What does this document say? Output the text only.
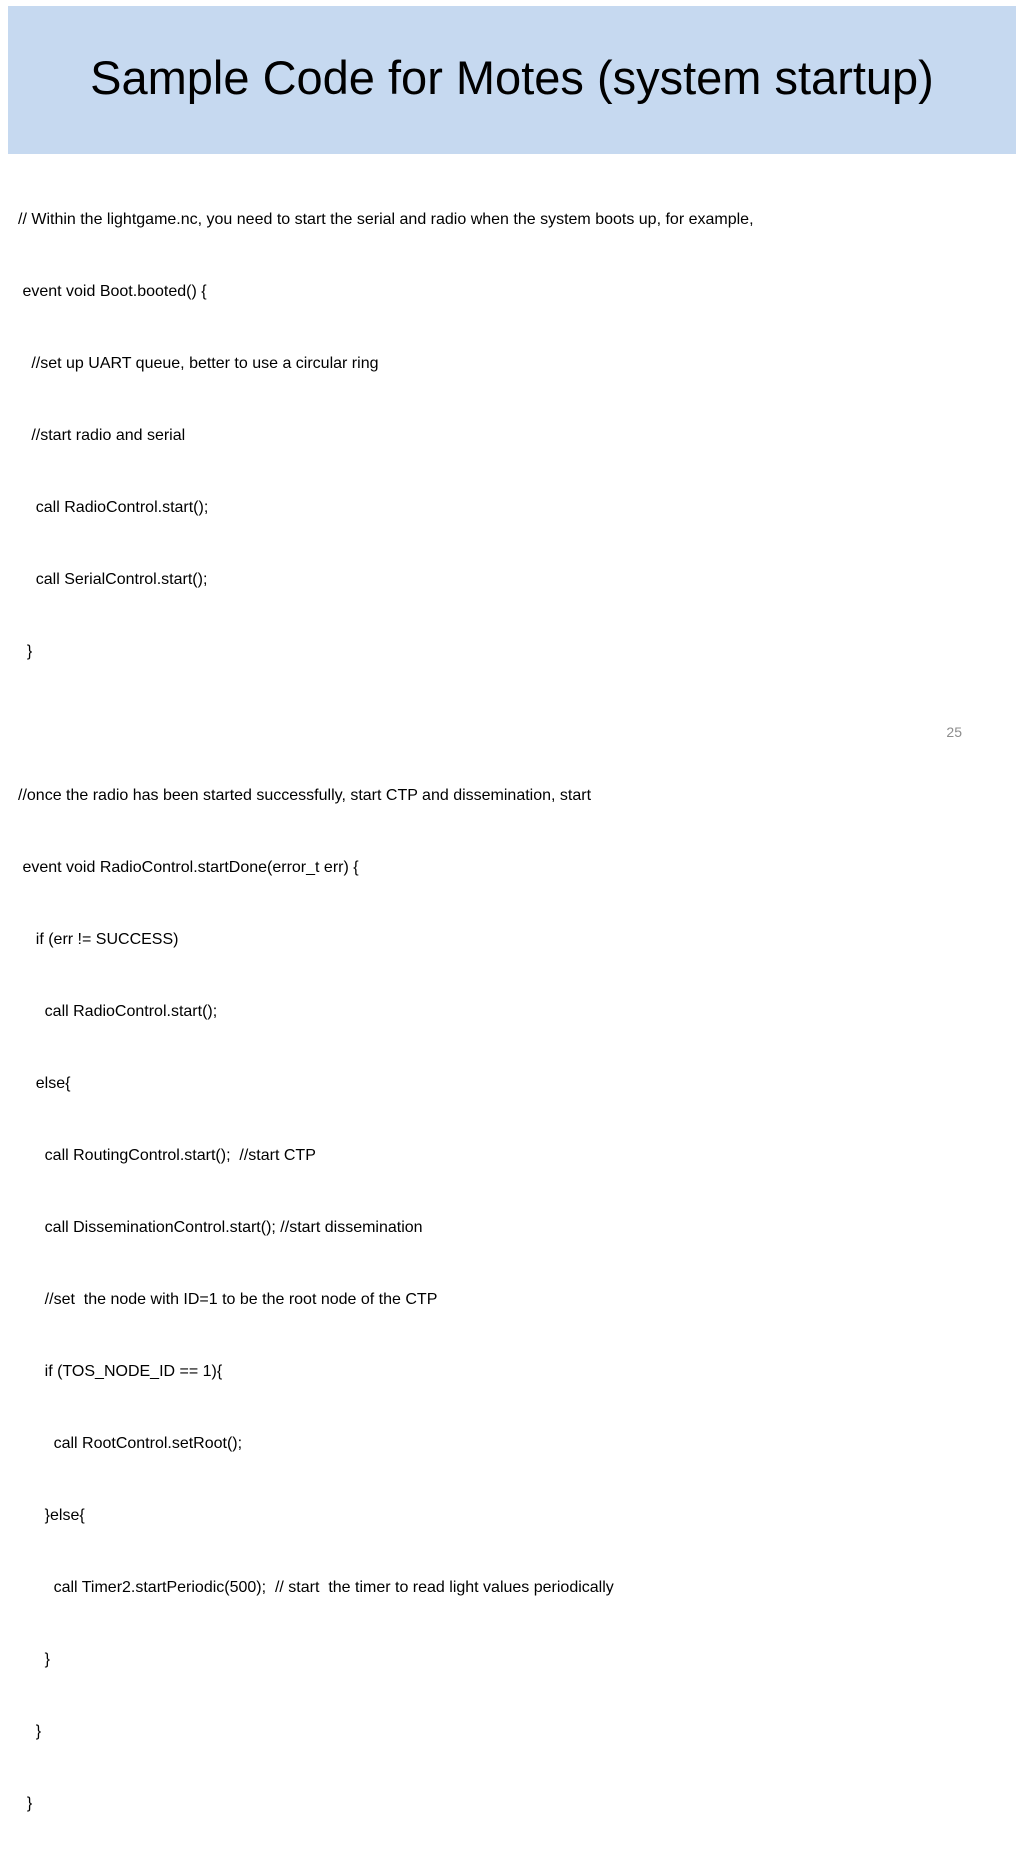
Sample Code for Motes (system startup)

// Within the lightgame.nc, you need to start the serial and radio when the system boots up, for example,

event void Boot.booted() {

//set up UART queue, better to use a circular ring

//start radio and serial

call RadioControl.start();

call SerialControl.start();

}

//once the radio has been started successfully, start CTP and dissemination, start

event void RadioControl.startDone(error_t err) {

if (err != SUCCESS)

call RadioControl.start();

else{

call RoutingControl.start();  //start CTP

call DisseminationControl.start(); //start dissemination

//set  the node with ID=1 to be the root node of the CTP

if (TOS_NODE_ID == 1){

call RootControl.setRoot();

}else{

call Timer2.startPeriodic(500);  // start  the timer to read light values periodically

}

}

}

25
